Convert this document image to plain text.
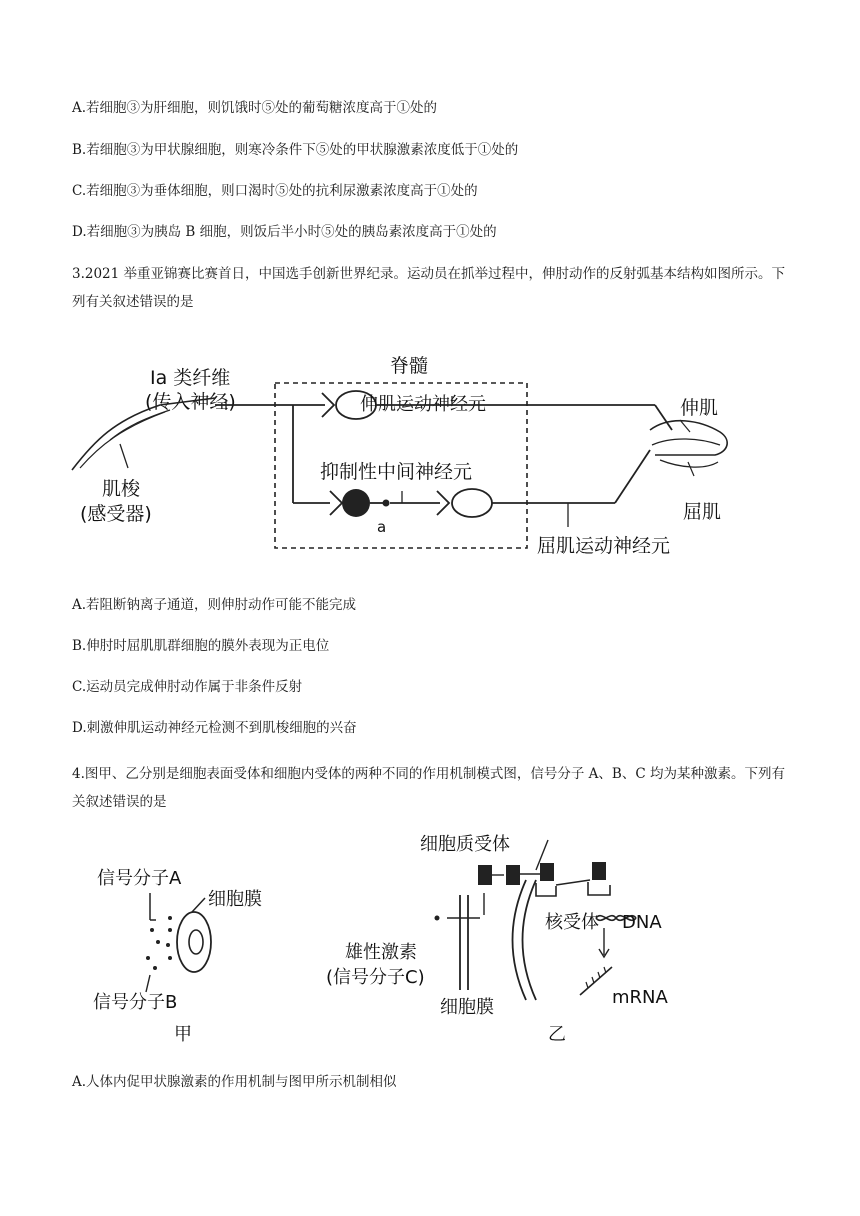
A.若细胞③为肝细胞，则饥饿时⑤处的葡萄糖浓度高于①处的
B.若细胞③为甲状腺细胞，则寒冷条件下⑤处的甲状腺激素浓度低于①处的
C.若细胞③为垂体细胞，则口渴时⑤处的抗利尿激素浓度高于①处的
D.若细胞③为胰岛 B 细胞，则饭后半小时⑤处的胰岛素浓度高于①处的
3.2021 举重亚锦赛比赛首日，中国选手创新世界纪录。运动员在抓举过程中，伸肘动作的反射弧基本结构如图所示。下列有关叙述错误的是
脊髓
Ia 类纤维
(传入神经)
肌梭
(感受器)
伸肌运动神经元
抑制性中间神经元
a
屈肌运动神经元
伸肌
屈肌
A.若阻断钠离子通道，则伸肘动作可能不能完成
B.伸肘时屈肌肌群细胞的膜外表现为正电位
C.运动员完成伸肘动作属于非条件反射
D.刺激伸肌运动神经元检测不到肌梭细胞的兴奋
4.图甲、乙分别是细胞表面受体和细胞内受体的两种不同的作用机制模式图，信号分子 A、B、C 均为某种激素。下列有关叙述错误的是
信号分子A
细胞膜
信号分子B
甲
细胞质受体
核受体 DNA
mRNA
雄性激素
(信号分子C)
细胞膜
乙
A.人体内促甲状腺激素的作用机制与图甲所示机制相似
